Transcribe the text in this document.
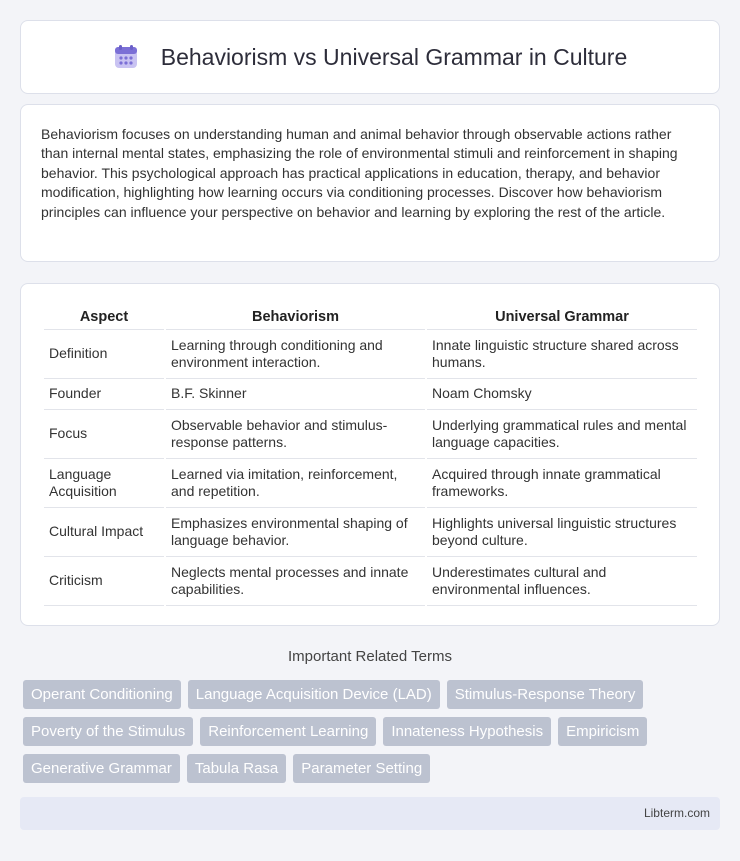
Behaviorism vs Universal Grammar in Culture

Behaviorism focuses on understanding human and animal behavior through observable actions rather than internal mental states, emphasizing the role of environmental stimuli and reinforcement in shaping behavior. This psychological approach has practical applications in education, therapy, and behavior modification, highlighting how learning occurs via conditioning processes. Discover how behaviorism principles can influence your perspective on behavior and learning by exploring the rest of the article.

Aspect	Behaviorism	Universal Grammar
Definition	Learning through conditioning and environment interaction.	Innate linguistic structure shared across humans.
Founder	B.F. Skinner	Noam Chomsky
Focus	Observable behavior and stimulus-response patterns.	Underlying grammatical rules and mental language capacities.
Language Acquisition	Learned via imitation, reinforcement, and repetition.	Acquired through innate grammatical frameworks.
Cultural Impact	Emphasizes environmental shaping of language behavior.	Highlights universal linguistic structures beyond culture.
Criticism	Neglects mental processes and innate capabilities.	Underestimates cultural and environmental influences.
Important Related Terms
Operant Conditioning	Language Acquisition Device (LAD)	Stimulus-Response Theory
Poverty of the Stimulus	Reinforcement Learning	Innateness Hypothesis	Empiricism
Generative Grammar	Tabula Rasa	Parameter Setting
Libterm.com
